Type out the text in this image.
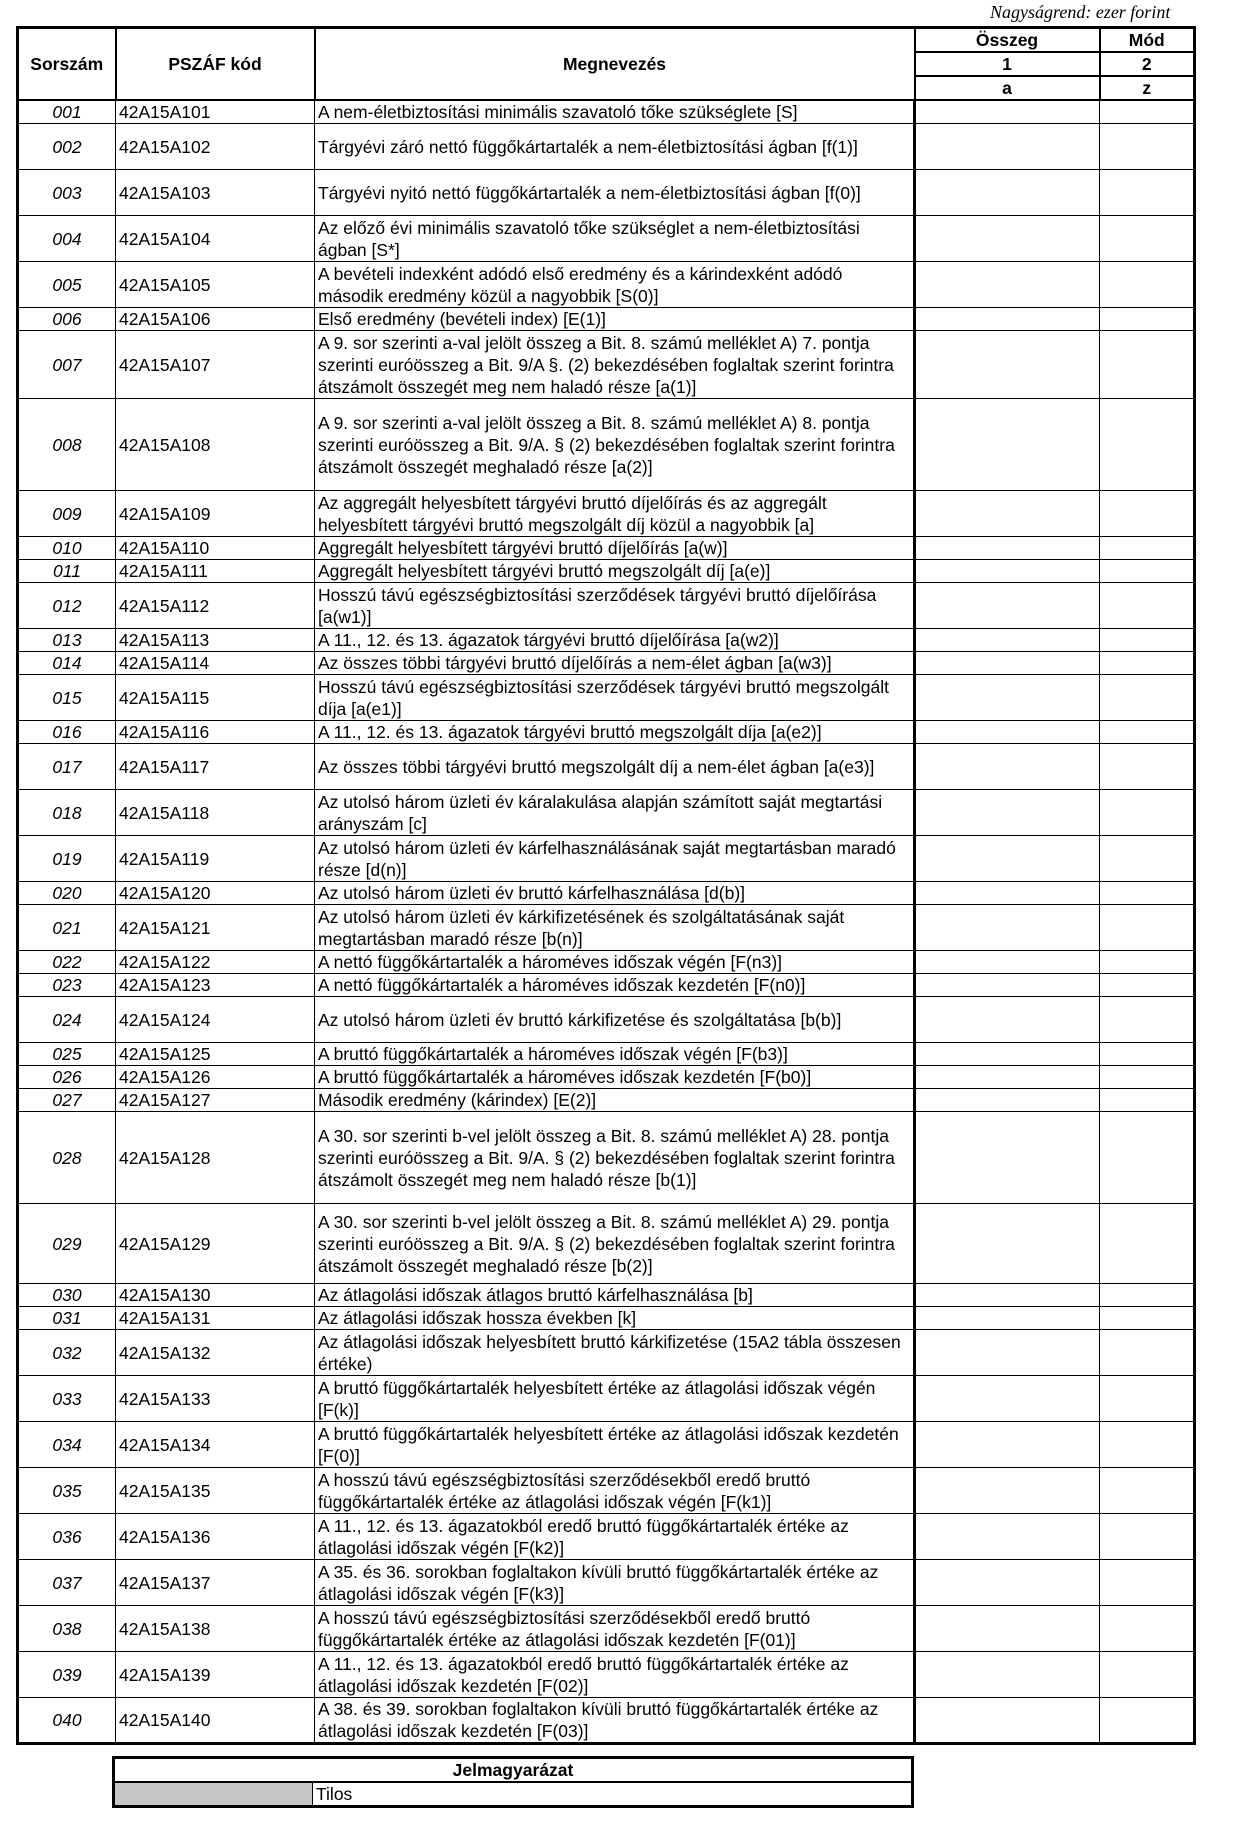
Nagyságrend: ezer forint
Sorszám	PSZÁF kód	Megnevezés	Összeg	Mód
			1	2
			a	z
001	42A15A101	A nem-életbiztosítási minimális szavatoló tőke szükséglete [S]		
002	42A15A102	Tárgyévi záró nettó függőkártartalék a nem-életbiztosítási ágban [f(1)]		
003	42A15A103	Tárgyévi nyitó nettó függőkártartalék a nem-életbiztosítási ágban [f(0)]		
004	42A15A104	Az előző évi minimális szavatoló tőke szükséglet a nem-életbiztosítási ágban [S*]		
005	42A15A105	A bevételi indexként adódó első eredmény és a kárindexként adódó második eredmény közül a nagyobbik [S(0)]		
006	42A15A106	Első eredmény (bevételi index) [E(1)]		
007	42A15A107	A 9. sor szerinti a-val jelölt összeg a Bit. 8. számú melléklet A) 7. pontja szerinti euróösszeg a Bit. 9/A §. (2) bekezdésében foglaltak szerint forintra átszámolt összegét meg nem haladó része [a(1)]		
008	42A15A108	A 9. sor szerinti a-val jelölt összeg a Bit. 8. számú melléklet A) 8. pontja szerinti euróösszeg a Bit. 9/A. § (2) bekezdésében foglaltak szerint forintra átszámolt összegét meghaladó része [a(2)]		
009	42A15A109	Az aggregált helyesbített tárgyévi bruttó díjelőírás és az aggregált helyesbített tárgyévi bruttó megszolgált díj közül a nagyobbik [a]		
010	42A15A110	Aggregált helyesbített tárgyévi bruttó díjelőírás [a(w)]		
011	42A15A111	Aggregált helyesbített tárgyévi bruttó megszolgált díj [a(e)]		
012	42A15A112	Hosszú távú egészségbiztosítási szerződések tárgyévi bruttó díjelőírása [a(w1)]		
013	42A15A113	A 11., 12. és 13. ágazatok tárgyévi bruttó díjelőírása [a(w2)]		
014	42A15A114	Az összes többi tárgyévi bruttó díjelőírás a nem-élet ágban [a(w3)]		
015	42A15A115	Hosszú távú egészségbiztosítási szerződések tárgyévi bruttó megszolgált díja [a(e1)]		
016	42A15A116	A 11., 12. és 13. ágazatok tárgyévi bruttó megszolgált díja [a(e2)]		
017	42A15A117	Az összes többi tárgyévi bruttó megszolgált díj a nem-élet ágban [a(e3)]		
018	42A15A118	Az utolsó három üzleti év káralakulása alapján számított saját megtartási arányszám [c]		
019	42A15A119	Az utolsó három üzleti év kárfelhasználásának saját megtartásban maradó része [d(n)]		
020	42A15A120	Az utolsó három üzleti év bruttó kárfelhasználása [d(b)]		
021	42A15A121	Az utolsó három üzleti év kárkifizetésének és szolgáltatásának saját megtartásban maradó része [b(n)]		
022	42A15A122	A nettó függőkártartalék a hároméves időszak végén [F(n3)]		
023	42A15A123	A nettó függőkártartalék a hároméves időszak kezdetén [F(n0)]		
024	42A15A124	Az utolsó három üzleti év bruttó kárkifizetése és szolgáltatása [b(b)]		
025	42A15A125	A bruttó függőkártartalék a hároméves időszak végén [F(b3)]		
026	42A15A126	A bruttó függőkártartalék a hároméves időszak kezdetén [F(b0)]		
027	42A15A127	Második eredmény (kárindex) [E(2)]		
028	42A15A128	A 30. sor szerinti b-vel jelölt összeg a Bit. 8. számú melléklet A) 28. pontja szerinti euróösszeg a Bit. 9/A. § (2) bekezdésében foglaltak szerint forintra átszámolt összegét meg nem haladó része [b(1)]		
029	42A15A129	A 30. sor szerinti b-vel jelölt összeg a Bit. 8. számú melléklet A) 29. pontja szerinti euróösszeg a Bit. 9/A. § (2) bekezdésében foglaltak szerint forintra átszámolt összegét meghaladó része [b(2)]		
030	42A15A130	Az átlagolási időszak átlagos bruttó kárfelhasználása [b]		
031	42A15A131	Az átlagolási időszak hossza években [k]		
032	42A15A132	Az átlagolási időszak helyesbített bruttó kárkifizetése (15A2 tábla összesen értéke)		
033	42A15A133	A bruttó függőkártartalék helyesbített értéke az átlagolási időszak végén [F(k)]		
034	42A15A134	A bruttó függőkártartalék helyesbített értéke az átlagolási időszak kezdetén [F(0)]		
035	42A15A135	A hosszú távú egészségbiztosítási szerződésekből eredő bruttó függőkártartalék értéke az átlagolási időszak végén [F(k1)]		
036	42A15A136	A 11., 12. és 13. ágazatokból eredő bruttó függőkártartalék értéke az átlagolási időszak végén [F(k2)]		
037	42A15A137	A 35. és 36. sorokban foglaltakon kívüli bruttó függőkártartalék értéke az átlagolási időszak végén [F(k3)]		
038	42A15A138	A hosszú távú egészségbiztosítási szerződésekből eredő bruttó függőkártartalék értéke az átlagolási időszak kezdetén [F(01)]		
039	42A15A139	A 11., 12. és 13. ágazatokból eredő bruttó függőkártartalék értéke az átlagolási időszak kezdetén [F(02)]		
040	42A15A140	A 38. és 39. sorokban foglaltakon kívüli bruttó függőkártartalék értéke az átlagolási időszak kezdetén [F(03)]		
Jelmagyarázat
	Tilos
